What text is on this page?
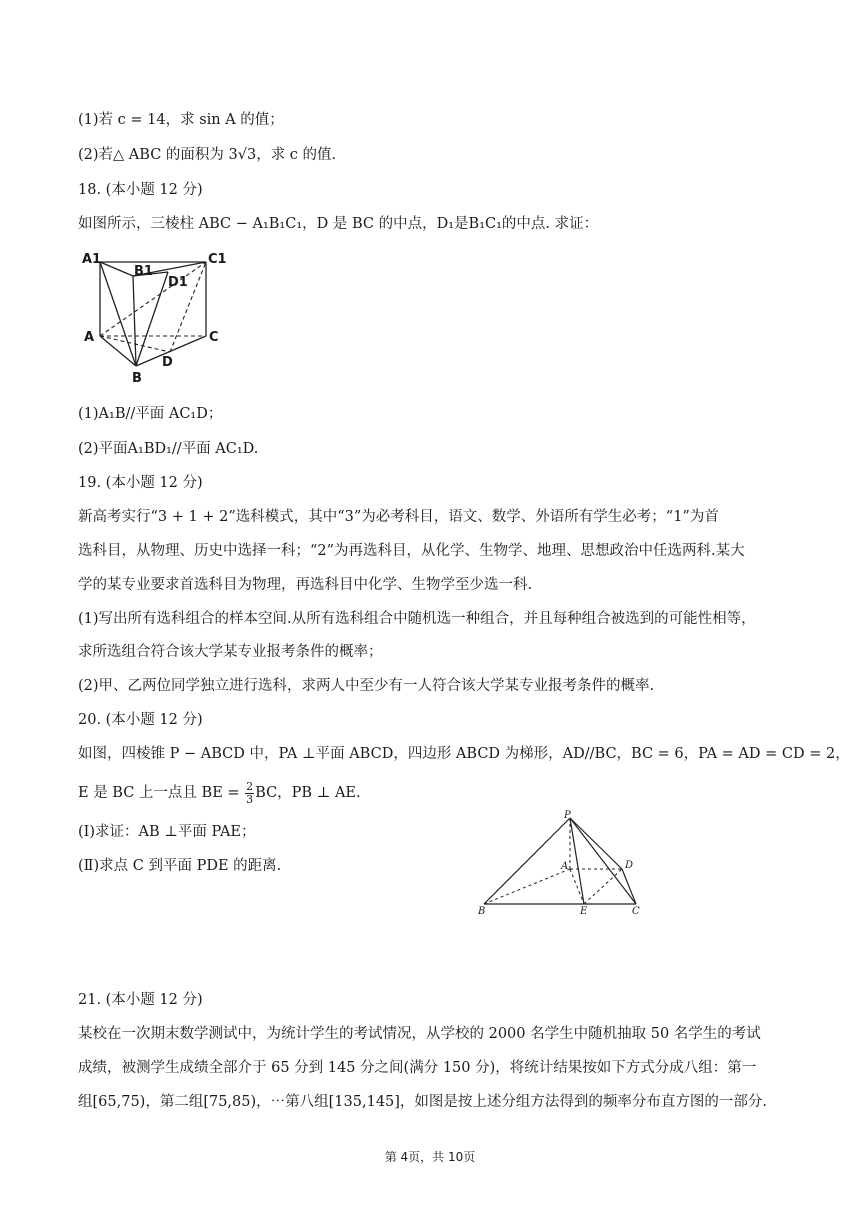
(1)若 c = 14，求 sin A 的值；
(2)若△ ABC 的面积为 3√3，求 c 的值.
18. (本小题 12 分)
如图所示，三棱柱 ABC − A₁B₁C₁，D 是 BC 的中点，D₁是B₁C₁的中点. 求证：
A1
B1
C1
D1
A
B
C
D
(1)A₁B//平面 AC₁D；
(2)平面A₁BD₁//平面 AC₁D.
19. (本小题 12 分)
新高考实行“3 + 1 + 2”选科模式，其中“3”为必考科目，语文、数学、外语所有学生必考；“1”为首
选科目，从物理、历史中选择一科；“2”为再选科目，从化学、生物学、地理、思想政治中任选两科.某大
学的某专业要求首选科目为物理，再选科目中化学、生物学至少选一科.
(1)写出所有选科组合的样本空间.从所有选科组合中随机选一种组合，并且每种组合被选到的可能性相等，
求所选组合符合该大学某专业报考条件的概率；
(2)甲、乙两位同学独立进行选科，求两人中至少有一人符合该大学某专业报考条件的概率.
20. (本小题 12 分)
如图，四棱锥 P − ABCD 中，PA ⊥平面 ABCD，四边形 ABCD 为梯形，AD//BC，BC = 6，PA = AD = CD = 2，
E 是 BC 上一点且 BE = $\frac{2}{3}$ BC，PB ⊥ AE.
(Ⅰ)求证：AB ⊥平面 PAE；
(Ⅱ)求点 C 到平面 PDE 的距离.
P
A	D
B	E	C
21. (本小题 12 分)
某校在一次期末数学测试中，为统计学生的考试情况，从学校的 2000 名学生中随机抽取 50 名学生的考试
成绩，被测学生成绩全部介于 65 分到 145 分之间(满分 150 分)，将统计结果按如下方式分成八组：第一
组[65,75)，第二组[75,85)，⋯第八组[135,145]，如图是按上述分组方法得到的频率分布直方图的一部分.
第 4页，共 10页
